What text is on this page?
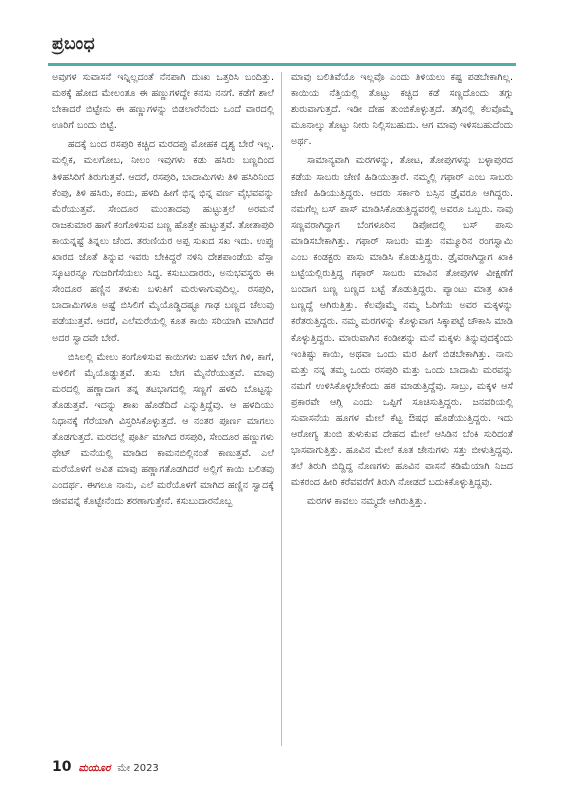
ಪ್ರಬಂಧ

ಅವುಗಳ ಸುವಾಸನೆ ಇನ್ನಿಲ್ಲದಂತೆ ನೆನಪಾಗಿ ದುಃಖ ಒತ್ತರಿಸಿ ಬಂದಿತ್ತು. ಮಠಕ್ಕೆ ಹೋದ ಮೇಲಂತೂ ಈ ಹಣ್ಣುಗಳದ್ದೇ ಕನಸು ನನಗೆ. ಕಡೆಗೆ ಶಾಲೆ ಬೇಕಾದರೆ ಬಿಟ್ಟೇನು ಈ ಹಣ್ಣುಗಳನ್ನು ಬಿಡಲಾರೆನೆಂದು ಒಂದೆ ವಾರದಲ್ಲಿ ಊರಿಗೆ ಬಂದು ಬಿಟ್ಟೆ.

ಹದಕ್ಕೆ ಬಂದ ರಸಪುರಿ ಕಚ್ಚಿದ ಮರದಪ್ಪು ಮೋಹಕ ದೃಶ್ಯ ಬೇರೆ ಇಲ್ಲ. ಮಲ್ಲಿಕ, ಮಲಗೋಬ, ನೀಲಂ ಇವುಗಳು ಕಡು ಹಸಿರು ಬಣ್ಣದಿಂದ ತಿಳಿಹಸಿರಿಗೆ ತಿರುಗುತ್ತವೆ. ಆದರೆ, ರಸಪುರಿ, ಬಾದಾಮಿಗಳು ತಿಳಿ ಹಸಿರಿನಿಂದ ಕೆಂಪು, ತಿಳಿ ಹಸಿರು, ಕಂದು, ಹಳದಿ ಹೀಗೆ ಭಿನ್ನ ಭಿನ್ನ ವರ್ಣ ವೈಭವವನ್ನು ಮೆರೆಯುತ್ತವೆ. ಸೇಂದೂರ ಮುಂತಾದವು ಹುಟ್ಟುತ್ತಲೆ ಅರಮನೆ ರಾಜಕುಮಾರ ಹಾಗೆ ಕಂಗೊಳಿಸುವ ಬಣ್ಣ ಹೊತ್ತೇ ಹುಟ್ಟುತ್ತವೆ. ತೋತಾಪುರಿ ಕಾಯನ್ನಷ್ಟೆ ತಿನ್ನಲು ಚೆಂದ. ತರುಣಿಯರ ಅಪ್ಪ ಸುಖದ ಸಖ ಇದು. ಉಪ್ಪು ಖಾರದ ಜೊತೆ ತಿನ್ನುವ ಇವರು ಬೇಕಿದ್ದರೆ ನಳಿನಿ ದೇಶಪಾಂಡೆಯ ವೆಸ್ಪಾ ಸ್ಕೂಟರನ್ನೂ ಗುಜರಿಗೆಸೆಯಲು ಸಿದ್ಧ. ಕಸುಬುದಾರರು, ಅನುಭವಸ್ಥರು ಈ ಸೇಂದೂರ ಹಣ್ಣಿನ ತಳುಕು ಬಳುಕಿಗೆ ಮರುಳಾಗುವುದಿಲ್ಲ. ರಸಪುರಿ, ಬಾದಾಮಿಗಳೂ ಅಷ್ಟೆ ಬಿಸಿಲಿಗೆ ಮೈಯೊಡ್ಡಿದಷ್ಟೂ ಗಾಢ ಬಣ್ಣದ ಚೆಲುವು ಪಡೆಯುತ್ತವೆ. ಆದರೆ, ಎಲೆಮರೆಯಲ್ಲಿ ಕೂತ ಕಾಯಿ ಸರಿಯಾಗಿ ಮಾಗಿದರೆ ಅದರ ಸ್ವಾದವೇ ಬೇರೆ.

ಬಿಸಿಲಲ್ಲಿ ಮೇಲು ಕಂಗೊಳಿಸುವ ಕಾಯಿಗಳು ಬಹಳ ಬೇಗ ಗಿಳಿ, ಕಾಗೆ, ಅಳಿಲಿಗೆ ಮೈಯೊಡ್ಡುತ್ತವೆ. ತುಸು ಬೇಗ ಮೈನೆರೆಯುತ್ತವೆ. ಮಾವು ಮರದಲ್ಲಿ ಹಣ್ಣಾದಾಗ ತನ್ನ ತಟಭಾಗದಲ್ಲಿ ಸಣ್ಣಗೆ ಹಳದಿ ಬೊಟ್ಟನ್ನು ತೊಡುತ್ತವೆ. ಇದನ್ನು ಶಾಖ ಹೊಡೆದಿದೆ ಎನ್ನುತ್ತಿದ್ದೆವು. ಆ ಹಳದಿಯು ನಿಧಾನಕ್ಕೆ ಗೆರೆಯಾಗಿ ವಿಸ್ತರಿಸಿಕೊಳ್ಳುತ್ತದೆ. ಆ ನಂತರ ಪೂರ್ಣ ಮಾಗಲು ತೊಡಗುತ್ತದೆ. ಮರದಲ್ಲೆ ಪೂರ್ತಿ ಮಾಗಿದ ರಸಪುರಿ, ಸೇಂದೂರ ಹಣ್ಣುಗಳು ಥೇಟ್ ಮನೆಯಲ್ಲಿ ಮಾಡಿದ ಕಾಮನಬಿಲ್ಲಿನಂತೆ ಕಾಣುತ್ತವೆ. ಎಲೆ ಮರೆಯೊಳಗೆ ಅವಿತ ಮಾವು ಹಣ್ಣಾಗತೊಡಗಿದರೆ ಅಲ್ಲಿಗೆ ಕಾಯಿ ಬಲಿತವು ಎಂದರ್ಥ. ಈಗಲೂ ನಾನು, ಎಲೆ ಮರೆಯೊಳಗೆ ಮಾಗಿದ ಹಣ್ಣಿನ ಸ್ವಾದಕ್ಕೆ ಜೀವವನ್ನೆ ಕೊಟ್ಟೇನೆಂದು ಶರಣಾಗುತ್ತೇನೆ. ಕಸುಬುದಾರನೊಬ್ಬ

ಮಾವು ಬಲಿತಿವೆಯೊ ಇಲ್ಲವೊ ಎಂದು ತಿಳಿಯಲು ಕಷ್ಟ ಪಡಬೇಕಾಗಿಲ್ಲ. ಕಾಯಿಯ ನೆತ್ತಿಯಲ್ಲಿ ತೊಟ್ಟು ಕಚ್ಚಿದ ಕಡೆ ಸಣ್ಣದೊಂದು ತಗ್ಗು ಶುರುವಾಗುತ್ತದೆ. ಇಡೀ ದೇಹ ತುಂಬಿಕೊಳ್ಳುತ್ತದೆ. ತಗ್ಗಿನಲ್ಲಿ ಕೆಲವೊಮ್ಮೆ ಮೂನಾಲ್ಕು ತೊಟ್ಟು ನೀರು ನಿಲ್ಲಿಸಬಹುದು. ಆಗ ಮಾವು ಇಳಿಸಬಹುದೆಂದು ಅರ್ಥ.

ಸಾಮಾನ್ಯವಾಗಿ ಮರಗಳನ್ನು, ತೋಟ, ತೋಪುಗಳನ್ನು ಬಳ್ಳಾಪುರದ ಕಡೆಯ ಸಾಬರು ಚೇಣಿ ಹಿಡಿಯುತ್ತಾರೆ. ನಮ್ಮಲ್ಲಿ ಗಫಾರ್ ಎಂಬ ಸಾಬರು ಚೇಣಿ ಹಿಡಿಯುತ್ತಿದ್ದರು. ಆದರು ಸರ್ಕಾರಿ ಬಸ್ಸಿನ ಡ್ರೈವರೂ ಆಗಿದ್ದರು. ನಮಗೆಲ್ಲ ಬಸ್ ಪಾಸ್ ಮಾಡಿಸಿಕೊಡುತ್ತಿದ್ದವರಲ್ಲಿ ಅವರೂ ಒಬ್ಬರು. ನಾವು ಸಣ್ಣವರಾಗಿದ್ದಾಗ ಬೆಂಗಳೂರಿನ ಡಿಪೋದಲ್ಲಿ ಬಸ್ ಪಾಸು ಮಾಡಿಸಬೇಕಾಗಿತ್ತು. ಗಫಾರ್ ಸಾಬರು ಮತ್ತು ನಮ್ಮೂರಿನ ರಂಗಸ್ವಾಮಿ ಎಂಬ ಕಂಡಕ್ಟರು ಪಾಸು ಮಾಡಿಸಿ ಕೊಡುತ್ತಿದ್ದರು. ಡ್ರೈವರಾಗಿದ್ದಾಗ ಖಾಕಿ ಬಟ್ಟೆಯಲ್ಲಿರುತ್ತಿದ್ದ ಗಫಾರ್ ಸಾಬರು ಮಾವಿನ ತೋಪುಗಳ ವೀಕ್ಷಣೆಗೆ ಬಂದಾಗ ಬಣ್ಣ ಬಣ್ಣದ ಬಟ್ಟೆ ತೊಡುತ್ತಿದ್ದರು. ಪ್ಯಾಂಟು ಮಾತ್ರ ಖಾಕಿ ಬಣ್ಣದ್ದೆ ಆಗಿರುತ್ತಿತ್ತು. ಕೆಲವೊಮ್ಮೆ ನಮ್ಮ ಓರಿಗೆಯ ಅವರ ಮಕ್ಕಳನ್ನು ಕರೆತರುತ್ತಿದ್ದರು. ನಮ್ಮ ಮರಗಳನ್ನು ಕೊಳ್ಳುವಾಗ ಸಿಕ್ಕಾಪಟ್ಟೆ ಚೌಕಾಸಿ ಮಾಡಿ ಕೊಳ್ಳುತ್ತಿದ್ದರು. ಮಾರುವಾಗಿನ ಕಂಡೀಶನ್ನು ಮನೆ ಮಕ್ಕಳು ತಿನ್ನುವುದಕ್ಕೆಂದು ಇಂತಿಷ್ಟು ಕಾಯಿ, ಅಥವಾ ಒಂದು ಮರ ಹೀಗೆ ಬಿಡಬೇಕಾಗಿತ್ತು. ನಾನು ಮತ್ತು ನನ್ನ ತಮ್ಮ ಒಂದು ರಸಪುರಿ ಮತ್ತು ಒಂದು ಬಾದಾಮಿ ಮರವನ್ನು ನಮಗೆ ಉಳಿಸಿಕೊಳ್ಳಬೇಕೆಂದು ಹಠ ಮಾಡುತ್ತಿದ್ದೆವು. ಸಾಬ್ರು, ಮಕ್ಕಳ ಆಸೆ ಪ್ರಕಾರವೇ ಆಗ್ಲಿ ಎಂದು ಒಪ್ಪಿಗೆ ಸೂಚಿಸುತ್ತಿದ್ದರು. ಜನವರಿಯಲ್ಲಿ ಸುವಾಸನೆಯ ಹೂಗಳ ಮೇಲೆ ಕೆಟ್ಟ ಔಷಧ ಹೊಡೆಯುತ್ತಿದ್ದರು. ಇದು ಆರೋಗ್ಯ ತುಂಬಿ ತುಳುಕುವ ದೇಹದ ಮೇಲೆ ಆಸಿಡಿನ ಬೆಂಕಿ ಸುರಿದಂತೆ ಭಾಸವಾಗುತ್ತಿತ್ತು. ಹೂವಿನ ಮೇಲೆ ಕೂತ ಜೇನುಗಳು ಸತ್ತು ಬೀಳುತ್ತಿದ್ದವು. ತಲೆ ತಿರುಗಿ ಬಿದ್ದಿದ್ದ ನೊಣಗಳು ಹೂವಿನ ವಾಸನೆ ಕಡಿಮೆಯಾಗಿ ನಿಜದ ಮಕರಂದ ಹೀರಿ ಕರೆವವರೆಗೆ ತಿರುಗಿ ನೋಡದೆ ಬದುಕಿಕೊಳ್ಳುತ್ತಿದ್ದವು.

ಮರಗಳ ಕಾವಲು ನಮ್ಮದೇ ಆಗಿರುತ್ತಿತ್ತು.

10 ಮಯೂರ ಮೇ 2023
